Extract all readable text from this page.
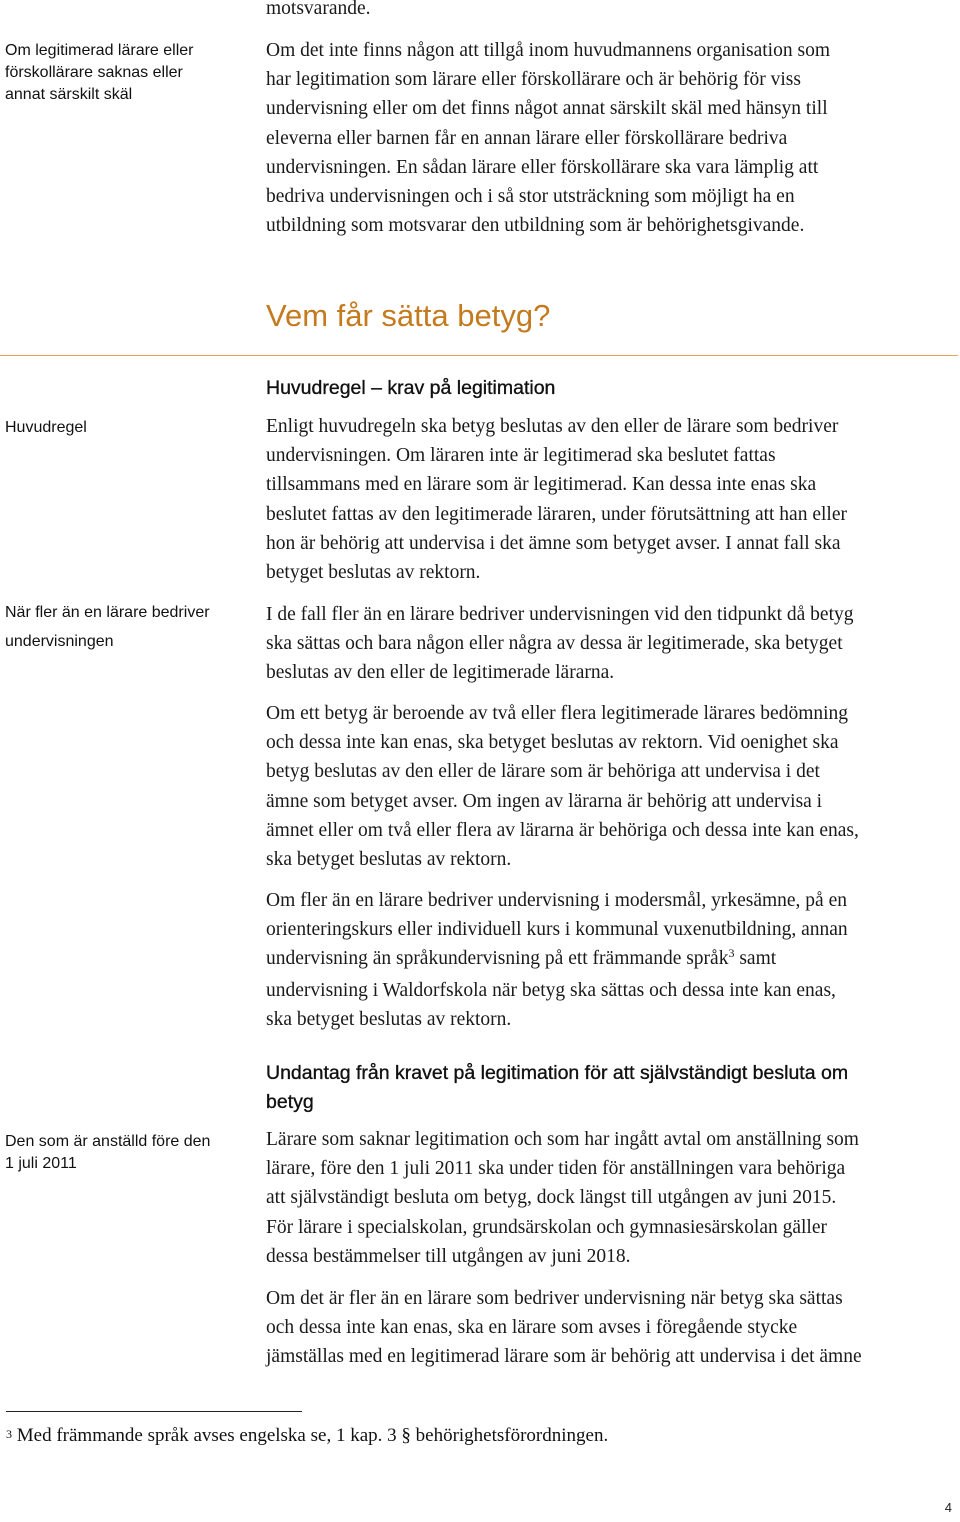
motsvarande.

Om legitimerad lärare eller
förskollärare saknas eller
annat särskilt skäl
Huvudregel
När fler än en lärare bedriver
undervisningen
Den som är anställd före den
1 juli 2011

Om det inte finns någon att tillgå inom huvudmannens organisation som
har legitimation som lärare eller förskollärare och är behörig för viss
undervisning eller om det finns något annat särskilt skäl med hänsyn till
eleverna eller barnen får en annan lärare eller förskollärare bedriva
undervisningen. En sådan lärare eller förskollärare ska vara lämplig att
bedriva undervisningen och i så stor utsträckning som möjligt ha en
utbildning som motsvarar den utbildning som är behörighetsgivande.

Vem får sätta betyg?
Huvudregel – krav på legitimation

Enligt huvudregeln ska betyg beslutas av den eller de lärare som bedriver
undervisningen. Om läraren inte är legitimerad ska beslutet fattas
tillsammans med en lärare som är legitimerad. Kan dessa inte enas ska
beslutet fattas av den legitimerade läraren, under förutsättning att han eller
hon är behörig att undervisa i det ämne som betyget avser. I annat fall ska
betyget beslutas av rektorn.

I de fall fler än en lärare bedriver undervisningen vid den tidpunkt då betyg
ska sättas och bara någon eller några av dessa är legitimerade, ska betyget
beslutas av den eller de legitimerade lärarna.

Om ett betyg är beroende av två eller flera legitimerade lärares bedömning
och dessa inte kan enas, ska betyget beslutas av rektorn. Vid oenighet ska
betyg beslutas av den eller de lärare som är behöriga att undervisa i det
ämne som betyget avser. Om ingen av lärarna är behörig att undervisa i
ämnet eller om två eller flera av lärarna är behöriga och dessa inte kan enas,
ska betyget beslutas av rektorn.

Om fler än en lärare bedriver undervisning i modersmål, yrkesämne, på en
orienteringskurs eller individuell kurs i kommunal vuxenutbildning, annan
undervisning än språkundervisning på ett främmande språk$^3$ samt
undervisning i Waldorfskola när betyg ska sättas och dessa inte kan enas,
ska betyget beslutas av rektorn.

Undantag från kravet på legitimation för att självständigt besluta om
betyg

Lärare som saknar legitimation och som har ingått avtal om anställning som
lärare, före den 1 juli 2011 ska under tiden för anställningen vara behöriga
att självständigt besluta om betyg, dock längst till utgången av juni 2015.
För lärare i specialskolan, grundsärskolan och gymnasiesärskolan gäller
dessa bestämmelser till utgången av juni 2018.

Om det är fler än en lärare som bedriver undervisning när betyg ska sättas
och dessa inte kan enas, ska en lärare som avses i föregående stycke
jämställas med en legitimerad lärare som är behörig att undervisa i det ämne

$^3$ Med främmande språk avses engelska se, 1 kap. 3 § behörighetsförordningen.
4
